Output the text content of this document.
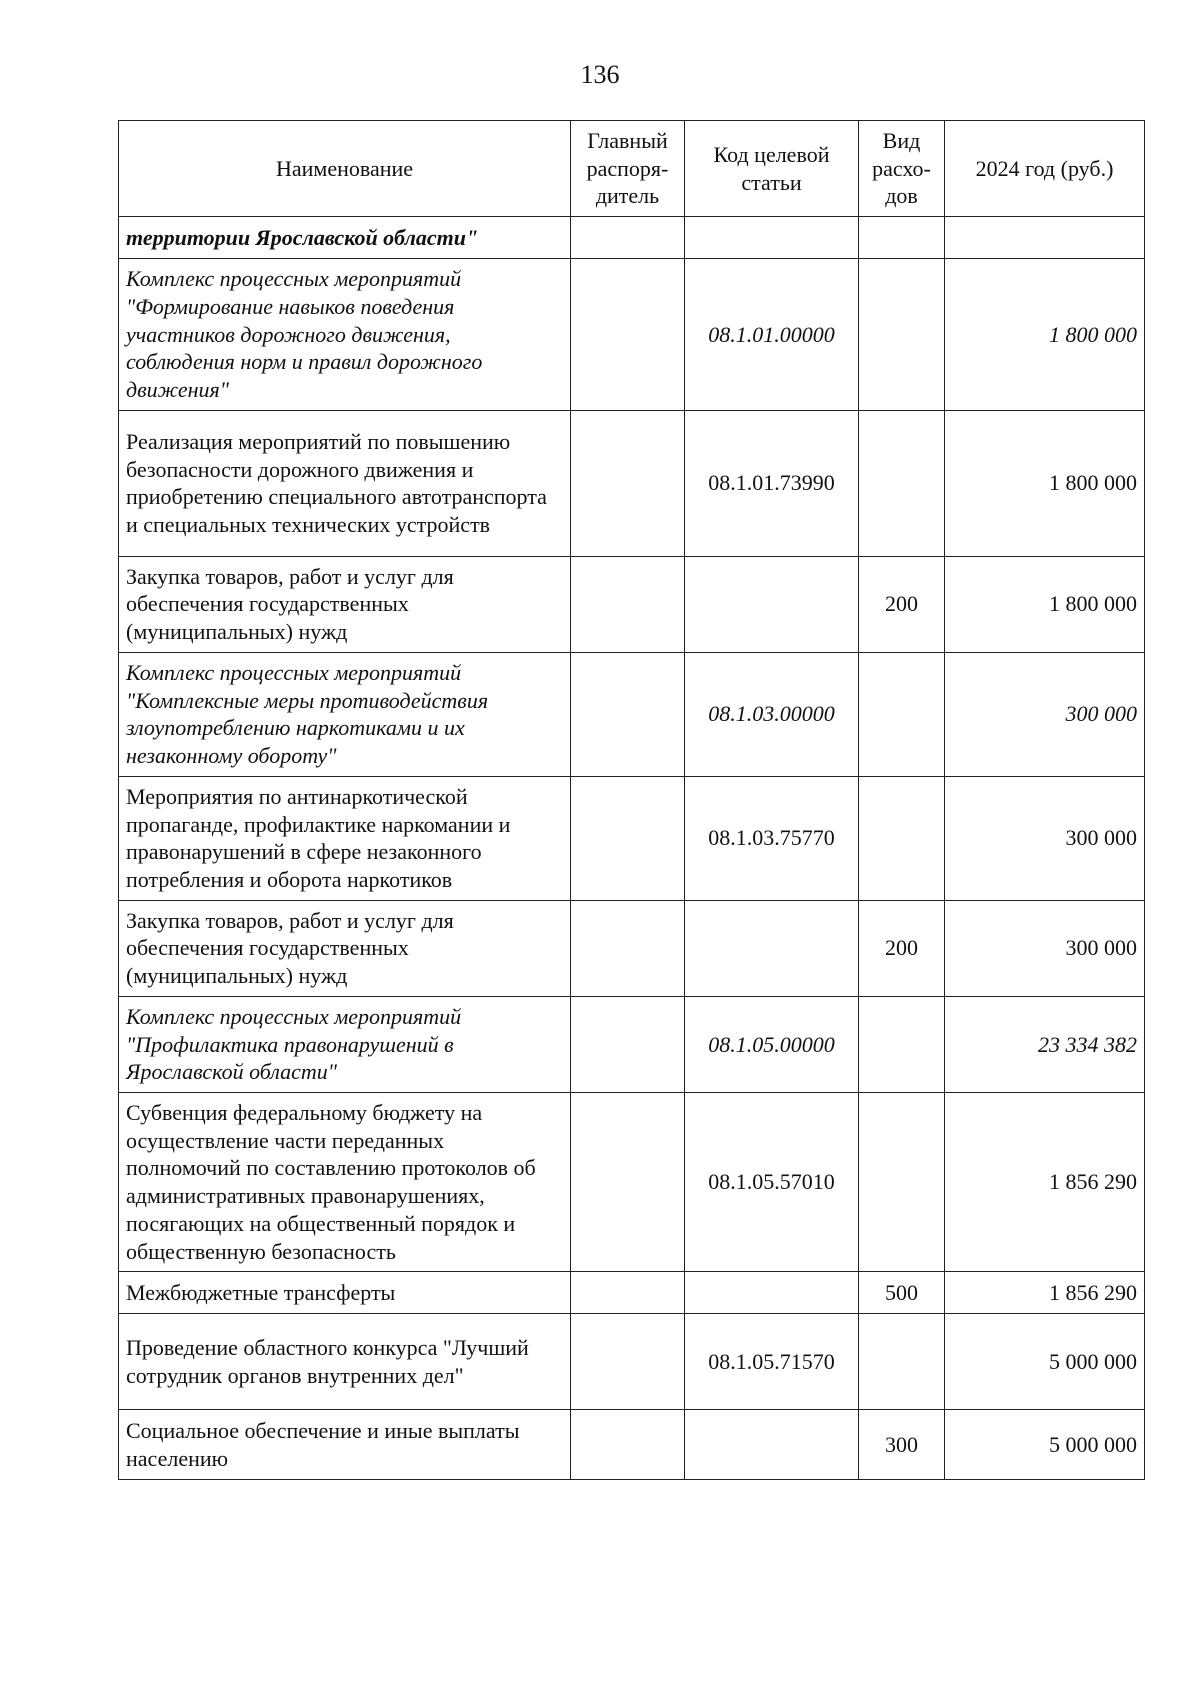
136
Наименование	Главный распоря-дитель	Код целевой статьи	Вид расхо-дов	2024 год (руб.)
территории Ярославской области"				
Комплекс процессных мероприятий "Формирование навыков поведения участников дорожного движения, соблюдения норм и правил дорожного движения"		08.1.01.00000		1 800 000
Реализация мероприятий по повышению безопасности дорожного движения и приобретению специального автотранспорта и специальных технических устройств		08.1.01.73990		1 800 000
Закупка товаров, работ и услуг для обеспечения государственных (муниципальных) нужд			200	1 800 000
Комплекс процессных мероприятий "Комплексные меры противодействия злоупотреблению наркотиками и их незаконному обороту"		08.1.03.00000		300 000
Мероприятия по антинаркотической пропаганде, профилактике наркомании и правонарушений в сфере незаконного потребления и оборота наркотиков		08.1.03.75770		300 000
Закупка товаров, работ и услуг для обеспечения государственных (муниципальных) нужд			200	300 000
Комплекс процессных мероприятий "Профилактика правонарушений в Ярославской области"		08.1.05.00000		23 334 382
Субвенция федеральному бюджету на осуществление части переданных полномочий по составлению протоколов об административных правонарушениях, посягающих на общественный порядок и общественную безопасность		08.1.05.57010		1 856 290
Межбюджетные трансферты			500	1 856 290
Проведение областного конкурса "Лучший сотрудник органов внутренних дел"		08.1.05.71570		5 000 000
Социальное обеспечение и иные выплаты населению			300	5 000 000
